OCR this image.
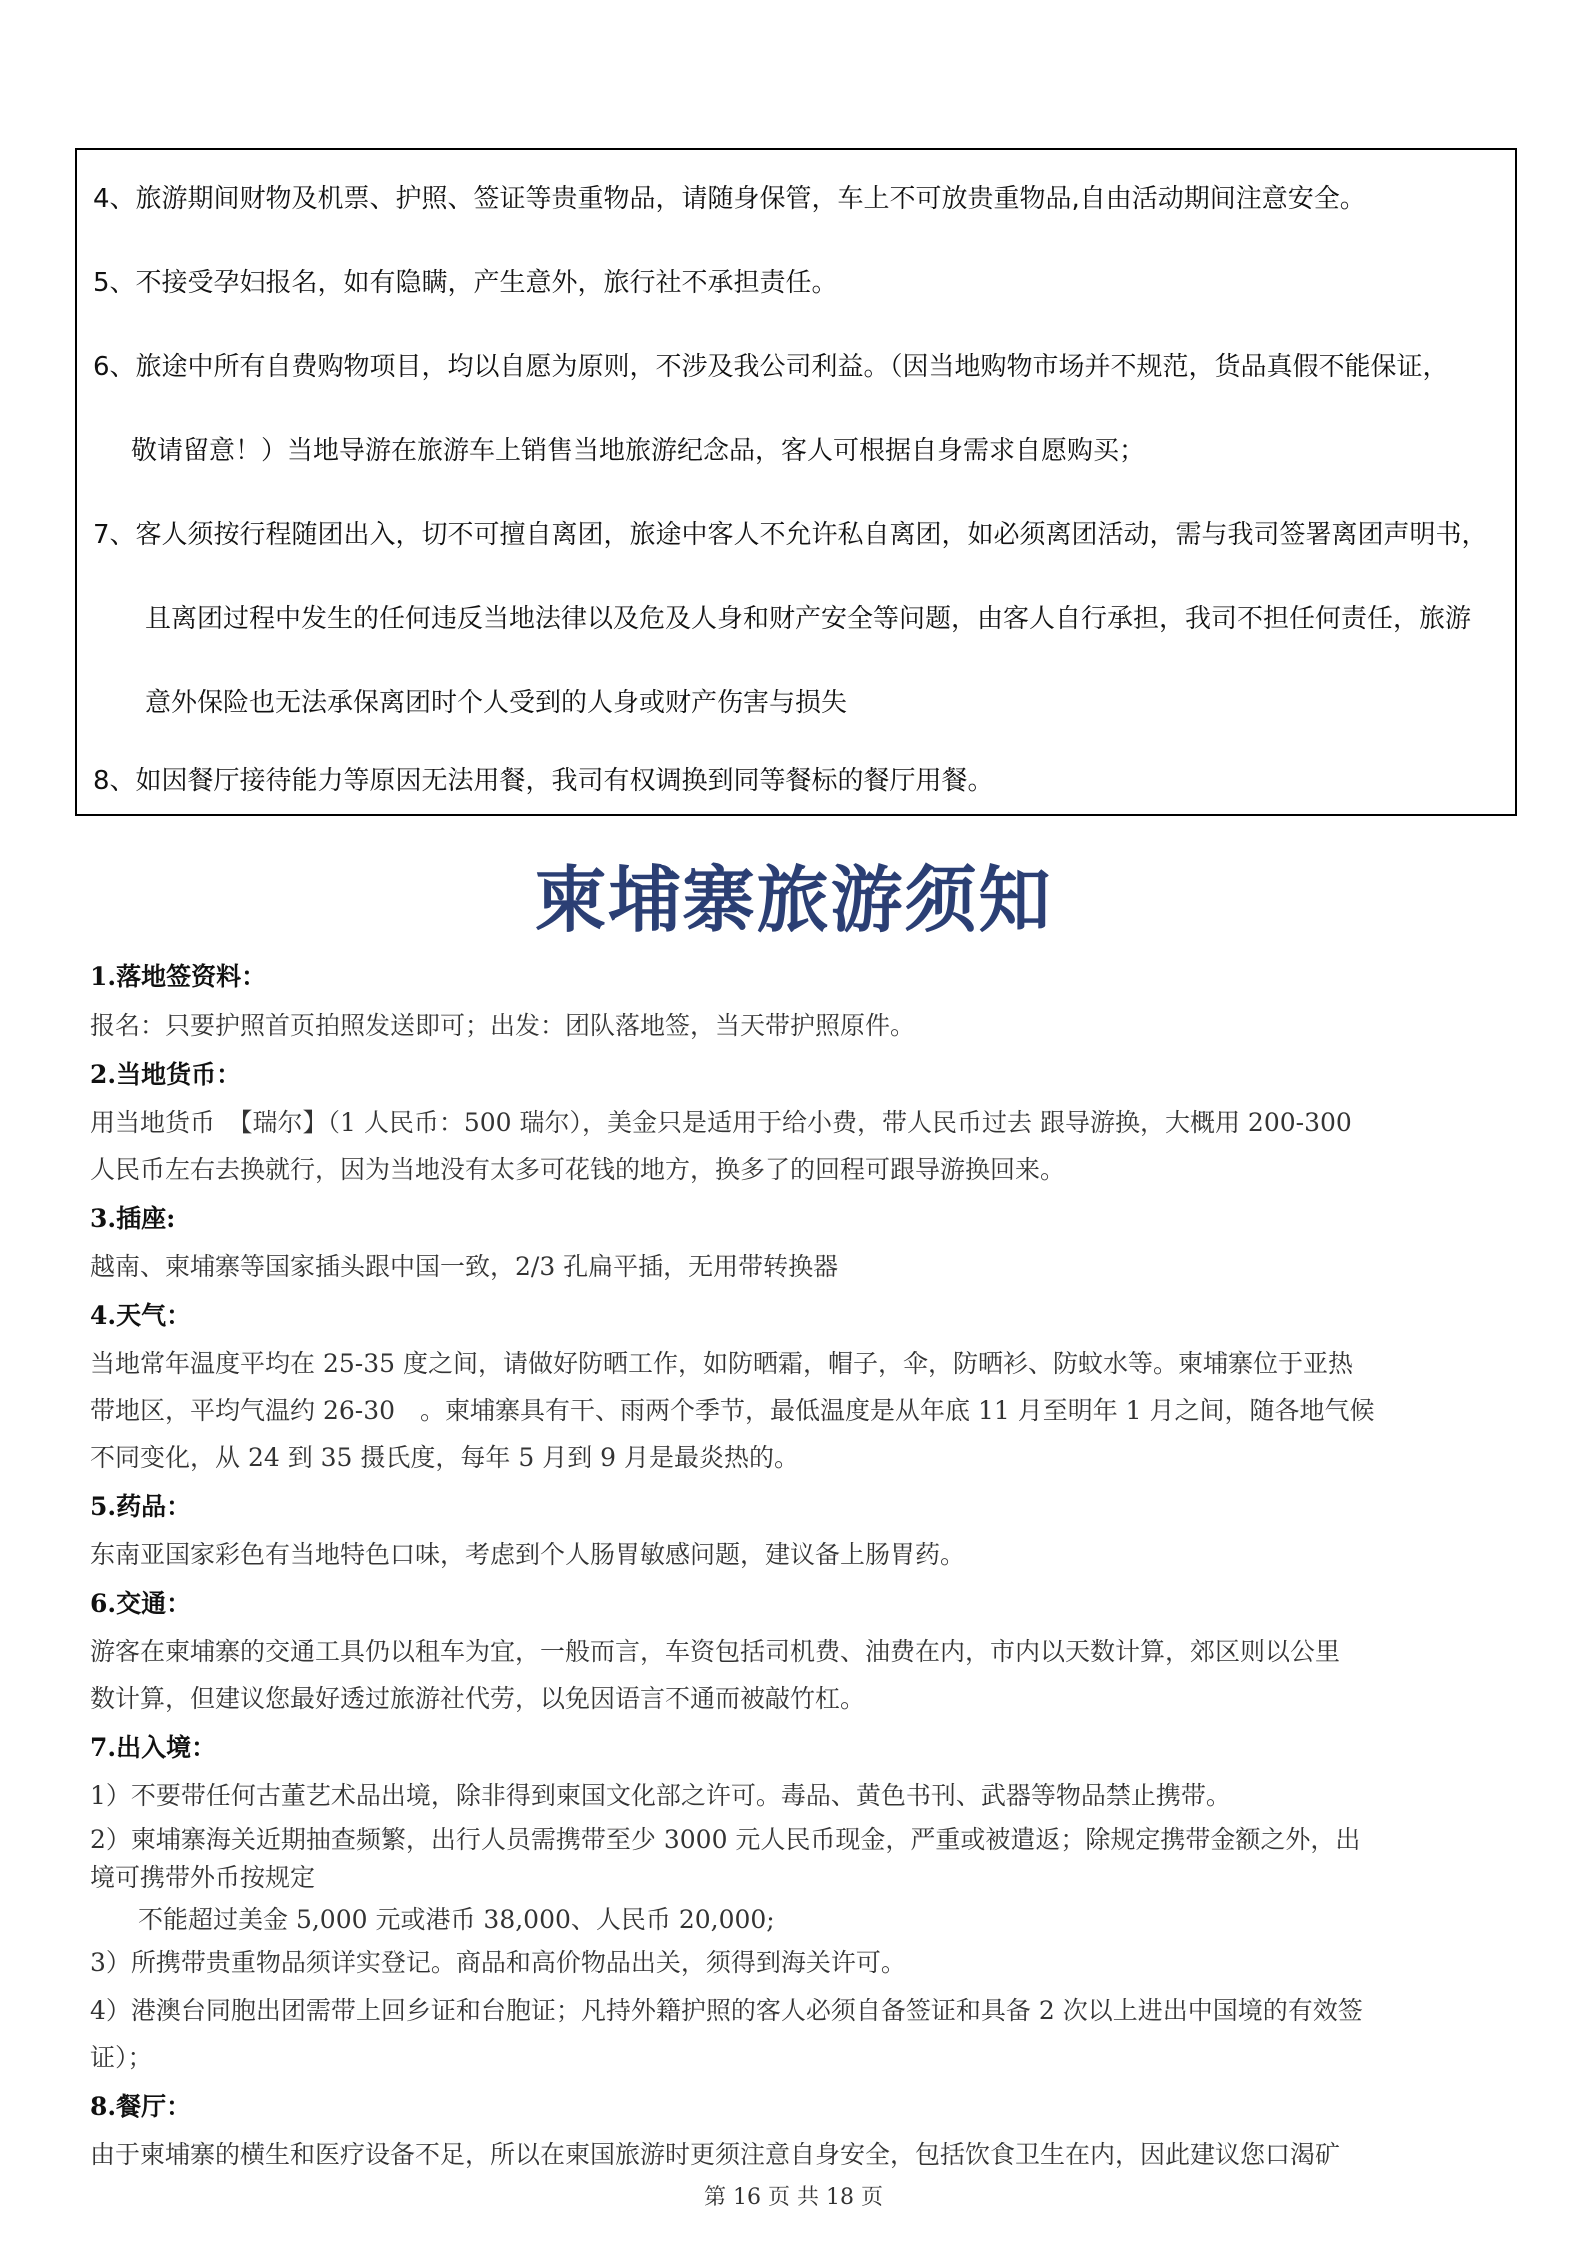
4、旅游期间财物及机票、护照、签证等贵重物品，请随身保管，车上不可放贵重物品,自由活动期间注意安全。
5、不接受孕妇报名，如有隐瞒，产生意外，旅行社不承担责任。
6、旅途中所有自费购物项目，均以自愿为原则，不涉及我公司利益。（因当地购物市场并不规范，货品真假不能保证，
敬请留意！）当地导游在旅游车上销售当地旅游纪念品，客人可根据自身需求自愿购买；
7、客人须按行程随团出入，切不可擅自离团，旅途中客人不允许私自离团，如必须离团活动，需与我司签署离团声明书，
且离团过程中发生的任何违反当地法律以及危及人身和财产安全等问题，由客人自行承担，我司不担任何责任，旅游
意外保险也无法承保离团时个人受到的人身或财产伤害与损失
8、如因餐厅接待能力等原因无法用餐，我司有权调换到同等餐标的餐厅用餐。
柬埔寨旅游须知
1.落地签资料：
报名：只要护照首页拍照发送即可；出发：团队落地签，当天带护照原件。
2.当地货币：
用当地货币　【瑞尔】（1 人民币：500 瑞尔），美金只是适用于给小费，带人民币过去 跟导游换，大概用 200-300
人民币左右去换就行，因为当地没有太多可花钱的地方，换多了的回程可跟导游换回来。
3.插座:
越南、柬埔寨等国家插头跟中国一致，2/3 孔扁平插，无用带转换器
4.天气：
当地常年温度平均在 25-35 度之间，请做好防晒工作，如防晒霜，帽子，伞，防晒衫、防蚊水等。柬埔寨位于亚热
带地区，平均气温约 26-30　。柬埔寨具有干、雨两个季节，最低温度是从年底 11 月至明年 1 月之间，随各地气候
不同变化，从 24 到 35 摄氏度，每年 5 月到 9 月是最炎热的。
5.药品：
东南亚国家彩色有当地特色口味，考虑到个人肠胃敏感问题，建议备上肠胃药。
6.交通：
游客在柬埔寨的交通工具仍以租车为宜，一般而言，车资包括司机费、油费在内，市内以天数计算，郊区则以公里
数计算，但建议您最好透过旅游社代劳，以免因语言不通而被敲竹杠。
7.出入境：
1）不要带任何古董艺术品出境，除非得到柬国文化部之许可。毒品、黄色书刊、武器等物品禁止携带。
2）柬埔寨海关近期抽查频繁，出行人员需携带至少 3000 元人民币现金，严重或被遣返；除规定携带金额之外，出
境可携带外币按规定
不能超过美金 5,000 元或港币 38,000、人民币 20,000;
3）所携带贵重物品须详实登记。商品和高价物品出关，须得到海关许可。
4）港澳台同胞出团需带上回乡证和台胞证；凡持外籍护照的客人必须自备签证和具备 2 次以上进出中国境的有效签
证）；
8.餐厅：
由于柬埔寨的横生和医疗设备不足，所以在柬国旅游时更须注意自身安全，包括饮食卫生在内，因此建议您口渴矿
第 16 页 共 18 页
